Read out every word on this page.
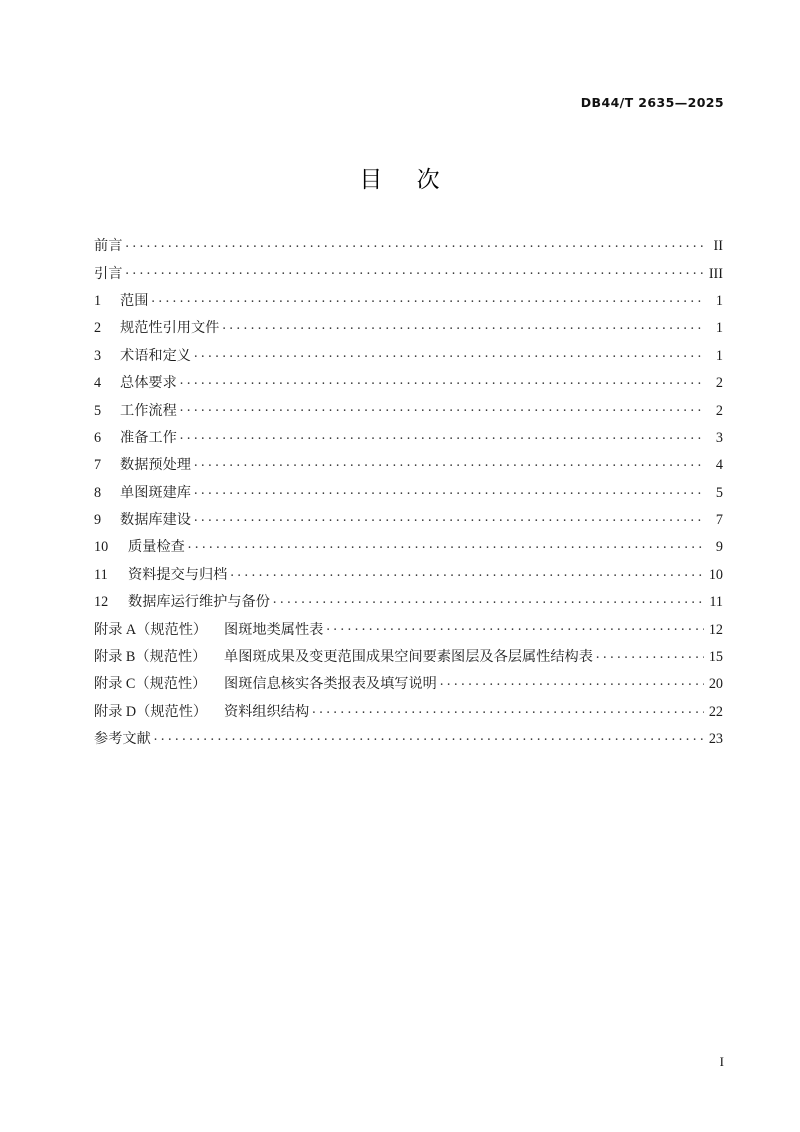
DB44/T 2635—2025
目    次
前言 . . .	II
引言 . . .	III
1	范围 . . .	1
2	规范性引用文件 . . .	1
3	术语和定义 . . .	1
4	总体要求 . . .	2
5	工作流程 . . .	2
6	准备工作 . . .	3
7	数据预处理 . . .	4
8	单图斑建库 . . .	5
9	数据库建设 . . .	7
10	质量检查 . . .	9
11	资料提交与归档 . . .	10
12	数据库运行维护与备份 . . .	11
附录 A（规范性）	图斑地类属性表 . . .	12
附录 B（规范性）	单图斑成果及变更范围成果空间要素图层及各层属性结构表 . . .	15
附录 C（规范性）	图斑信息核实各类报表及填写说明 . . .	20
附录 D（规范性）	资料组织结构 . . .	22
参考文献 . . .	23
I
